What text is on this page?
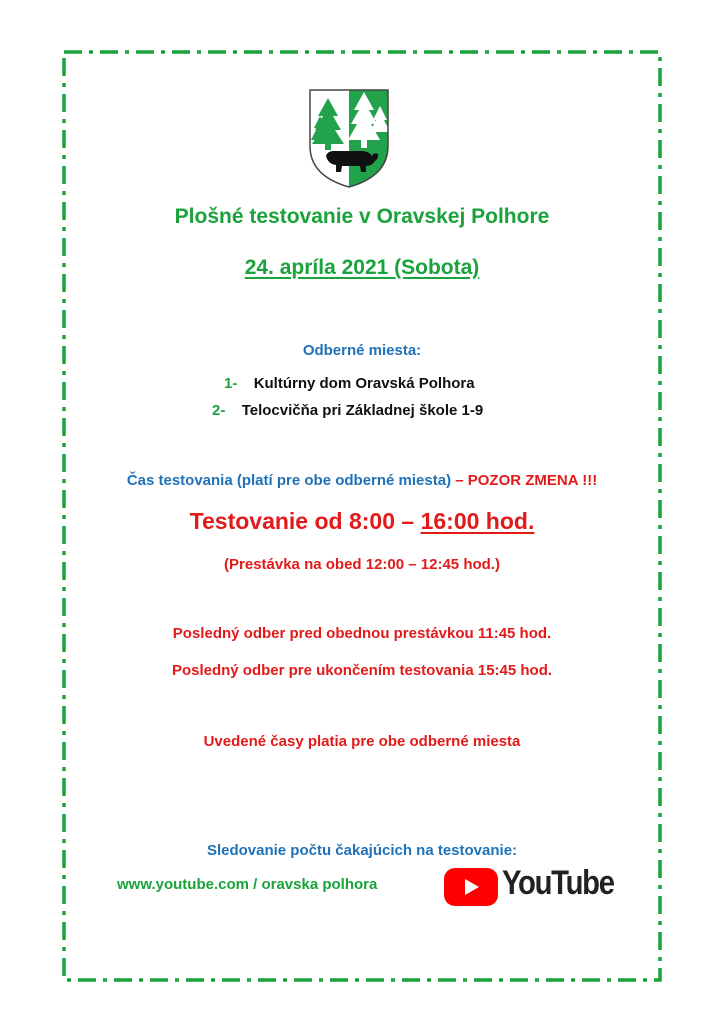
Plošné testovanie v Oravskej Polhore
24. apríla 2021 (Sobota)
Odberné miesta:
1- Kultúrny dom Oravská Polhora
2- Telocvičňa pri Základnej škole 1-9
Čas testovania (platí pre obe odberné miesta) – POZOR ZMENA !!!
Testovanie od 8:00 – 16:00 hod.
(Prestávka na obed 12:00 – 12:45 hod.)
Posledný odber pred obednou prestávkou 11:45 hod.
Posledný odber pre ukončením testovania 15:45 hod.
Uvedené časy platia pre obe odberné miesta
Sledovanie počtu čakajúcich na testovanie:
www.youtube.com / oravska polhora	YouTube
